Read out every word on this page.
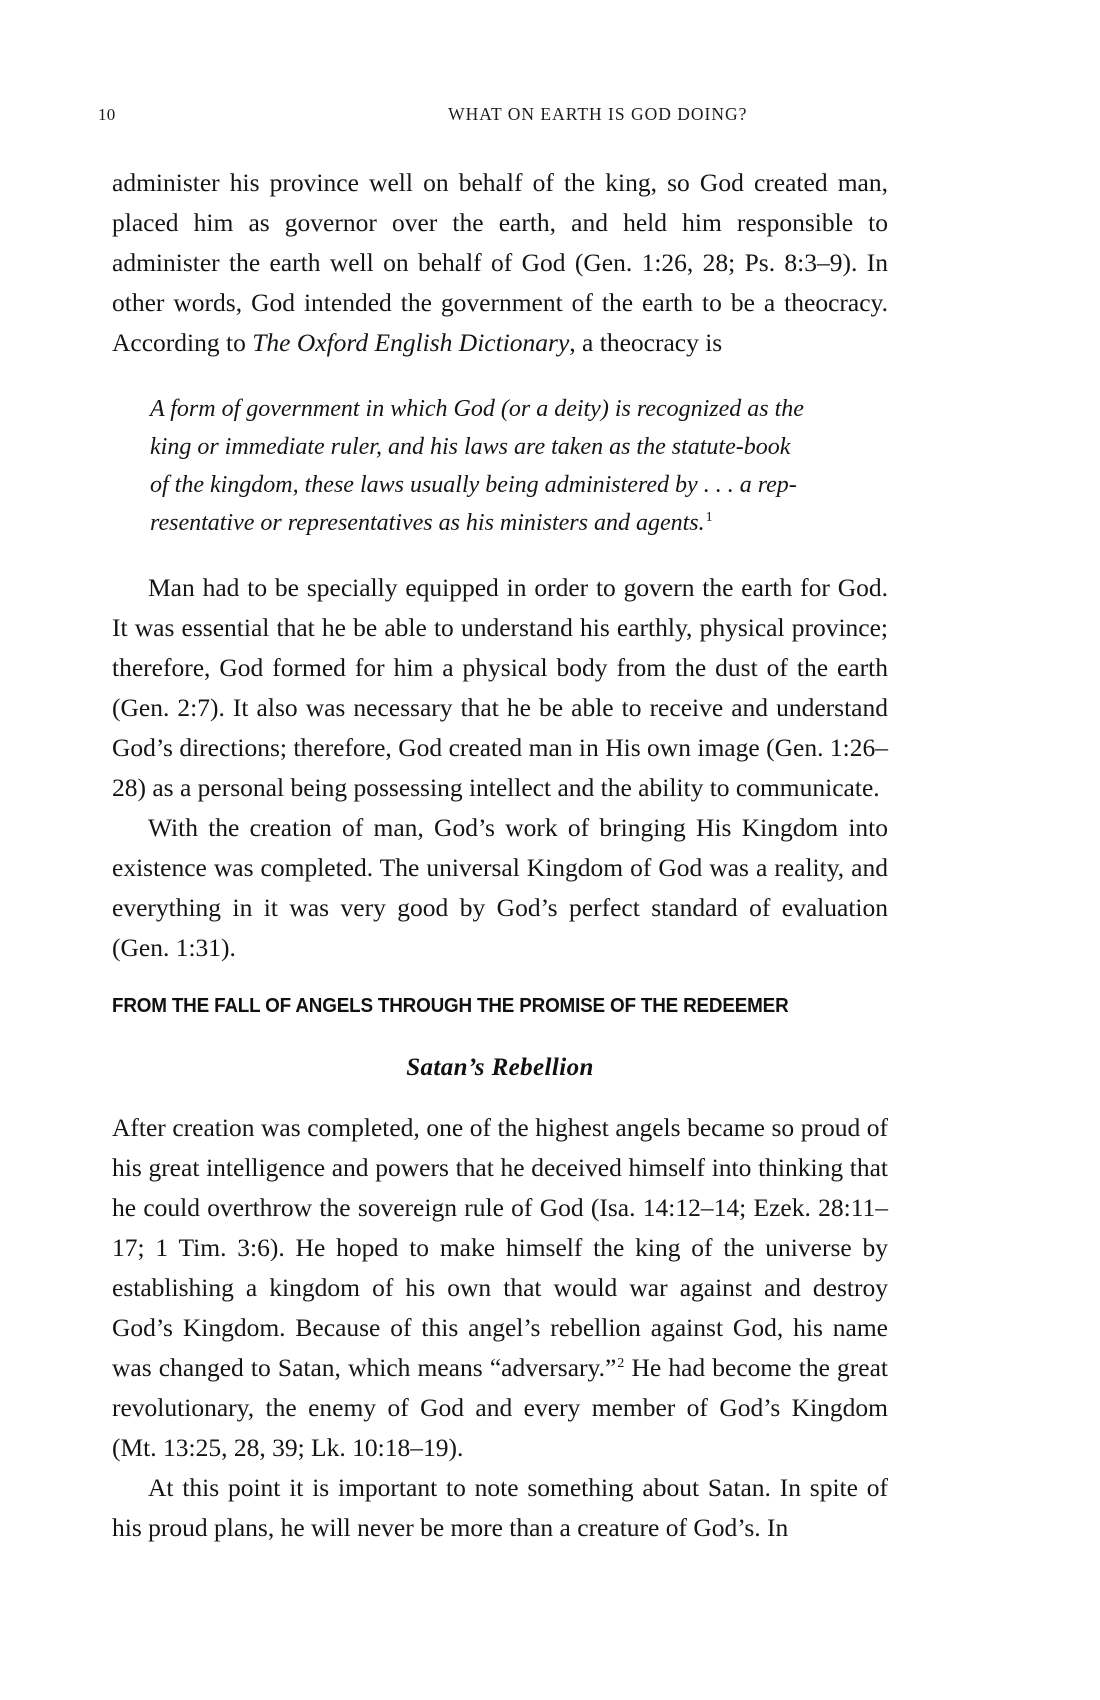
10	WHAT ON EARTH IS GOD DOING?

administer his province well on behalf of the king, so God created man, placed him as governor over the earth, and held him responsible to administer the earth well on behalf of God (Gen. 1:26, 28; Ps. 8:3–9). In other words, God intended the government of the earth to be a theocracy. According to The Oxford English Dictionary, a theocracy is

A form of government in which God (or a deity) is recognized as the
king or immediate ruler, and his laws are taken as the statute-book
of the kingdom, these laws usually being administered by . . . a rep-
resentative or representatives as his ministers and agents.$^1$

Man had to be specially equipped in order to govern the earth for God. It was essential that he be able to understand his earthly, physical province; therefore, God formed for him a physical body from the dust of the earth (Gen. 2:7). It also was necessary that he be able to receive and understand God’s directions; therefore, God created man in His own image (Gen. 1:26–28) as a personal being possessing intellect and the ability to communicate.

With the creation of man, God’s work of bringing His Kingdom into existence was completed. The universal Kingdom of God was a reality, and everything in it was very good by God’s perfect standard of evaluation (Gen. 1:31).

FROM THE FALL OF ANGELS THROUGH THE PROMISE OF THE REDEEMER
Satan’s Rebellion

After creation was completed, one of the highest angels became so proud of his great intelligence and powers that he deceived himself into thinking that he could overthrow the sovereign rule of God (Isa. 14:12–14; Ezek. 28:11–17; 1 Tim. 3:6). He hoped to make himself the king of the universe by establishing a kingdom of his own that would war against and destroy God’s Kingdom. Because of this angel’s rebellion against God, his name was changed to Satan, which means “adversary.”$^2$ He had become the great revolutionary, the enemy of God and every member of God’s Kingdom (Mt. 13:25, 28, 39; Lk. 10:18–19).

At this point it is important to note something about Satan. In spite of his proud plans, he will never be more than a creature of God’s. In
